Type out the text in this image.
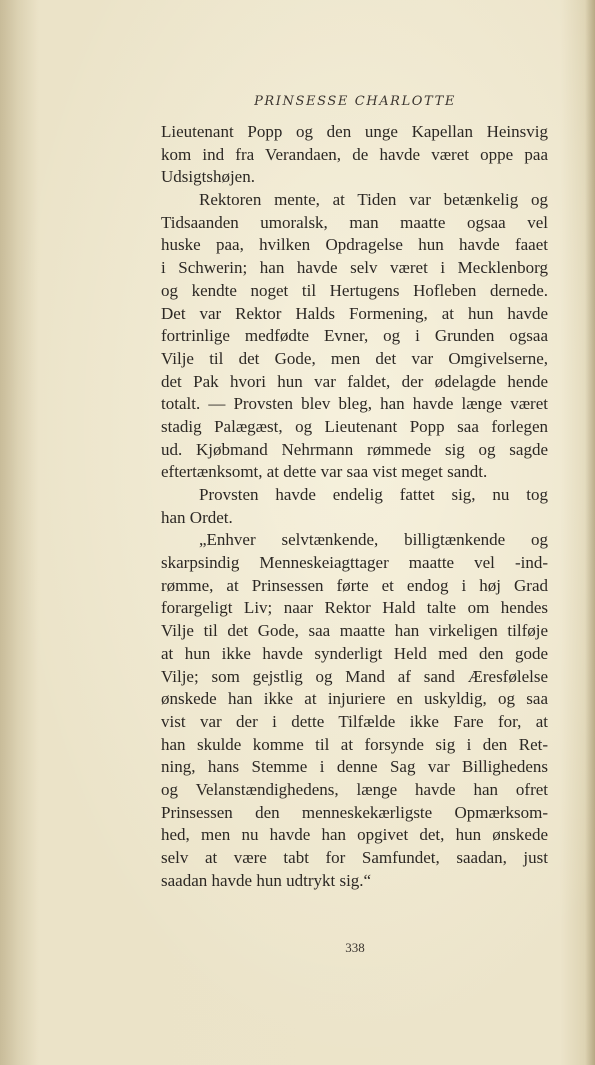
PRINSESSE CHARLOTTE
Lieutenant Popp og den unge Kapellan Heinsvig
kom ind fra Verandaen, de havde været oppe paa
Udsigtshøjen.
Rektoren mente, at Tiden var betænkelig og
Tidsaanden umoralsk, man maatte ogsaa vel
huske paa, hvilken Opdragelse hun havde faaet
i Schwerin; han havde selv været i Mecklenborg
og kendte noget til Hertugens Hofleben dernede.
Det var Rektor Halds Formening, at hun havde
fortrinlige medfødte Evner, og i Grunden ogsaa
Vilje til det Gode, men det var Omgivelserne,
det Pak hvori hun var faldet, der ødelagde hende
totalt. — Provsten blev bleg, han havde længe været
stadig Palægæst, og Lieutenant Popp saa forlegen
ud. Kjøbmand Nehrmann rømmede sig og sagde
eftertænksomt, at dette var saa vist meget sandt.
Provsten havde endelig fattet sig, nu tog
han Ordet.
„Enhver selvtænkende, billigtænkende og
skarpsindig Menneskeiagttager maatte vel -ind-
rømme, at Prinsessen førte et endog i høj Grad
forargeligt Liv; naar Rektor Hald talte om hendes
Vilje til det Gode, saa maatte han virkeligen tilføje
at hun ikke havde synderligt Held med den gode
Vilje; som gejstlig og Mand af sand Æresfølelse
ønskede han ikke at injuriere en uskyldig, og saa
vist var der i dette Tilfælde ikke Fare for, at
han skulde komme til at forsynde sig i den Ret-
ning, hans Stemme i denne Sag var Billighedens
og Velanstændighedens, længe havde han ofret
Prinsessen den menneskekærligste Opmærksom-
hed, men nu havde han opgivet det, hun ønskede
selv at være tabt for Samfundet, saadan, just
saadan havde hun udtrykt sig.“
338
